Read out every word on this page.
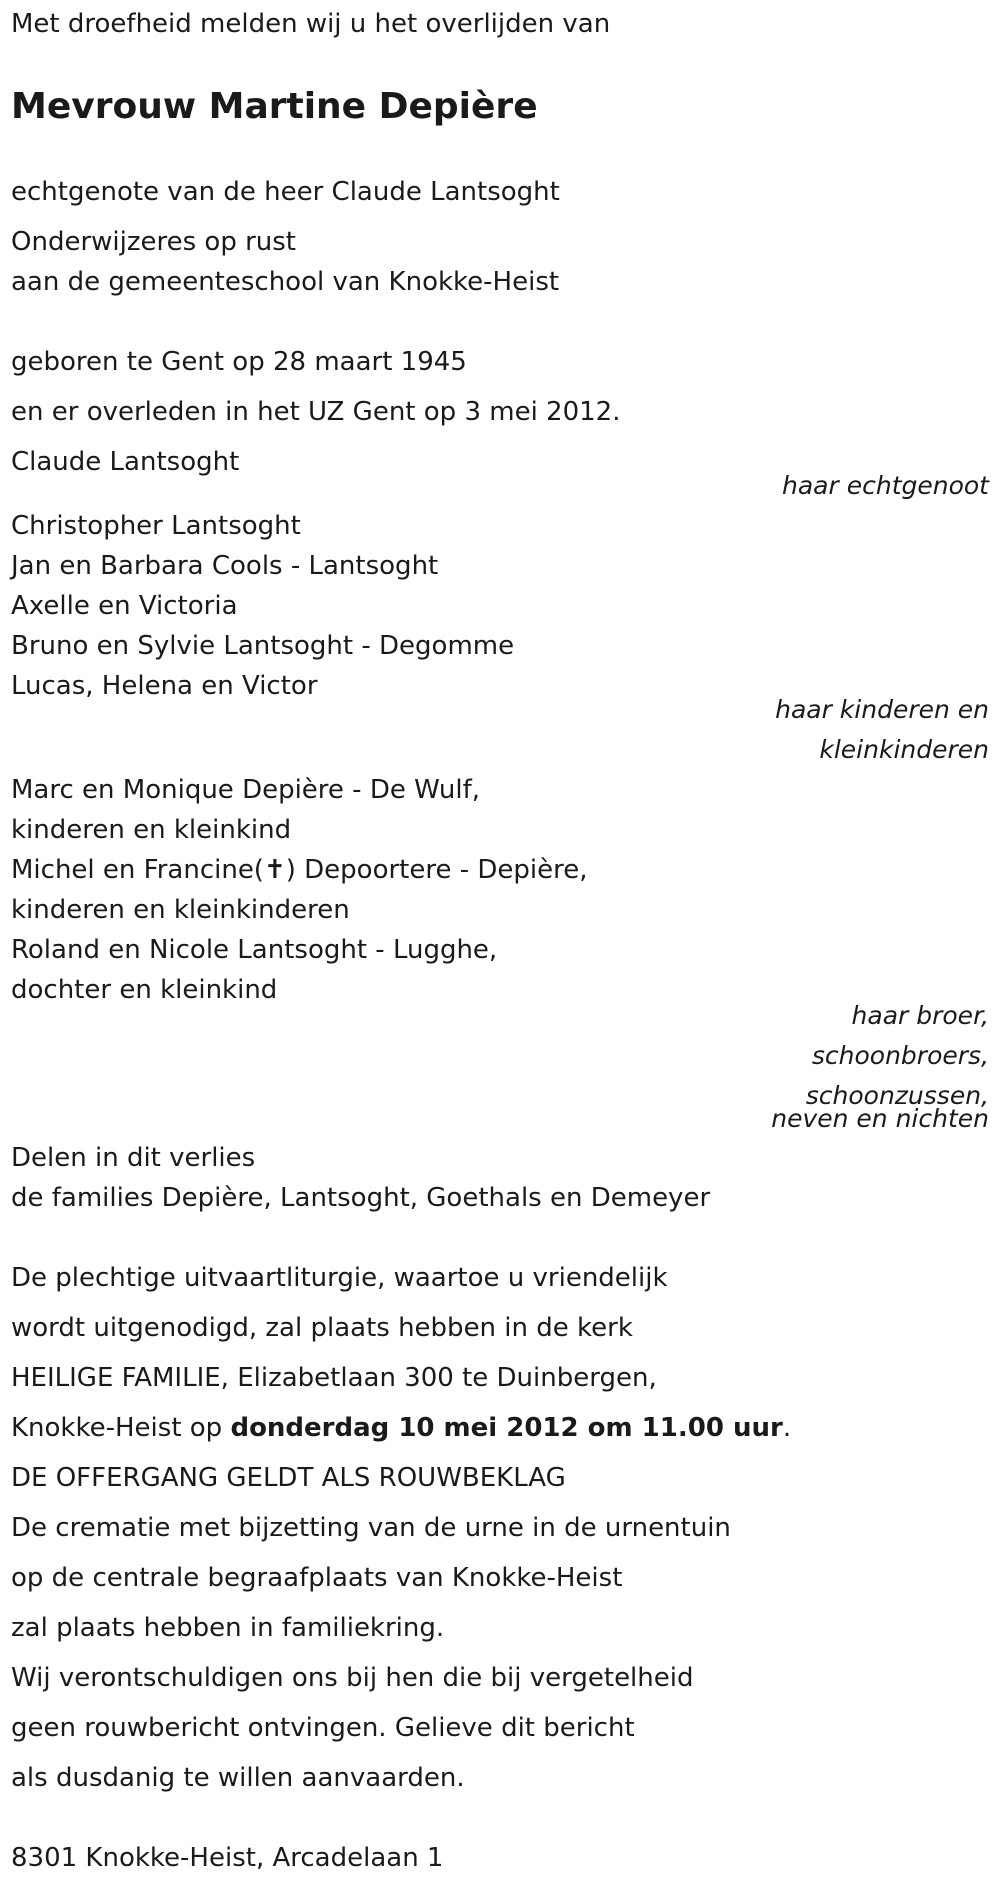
Met droefheid melden wij u het overlijden van
Mevrouw Martine Depière
echtgenote van de heer Claude Lantsoght
Onderwijzeres op rust
aan de gemeenteschool van Knokke-Heist
geboren te Gent op 28 maart 1945
en er overleden in het UZ Gent op 3 mei 2012.
Claude Lantsoght
haar echtgenoot
Christopher Lantsoght
Jan en Barbara Cools - Lantsoght
Axelle en Victoria
Bruno en Sylvie Lantsoght - Degomme
Lucas, Helena en Victor
haar kinderen en
kleinkinderen
Marc en Monique Depière - De Wulf,
kinderen en kleinkind
Michel en Francine(✝) Depoortere - Depière,
kinderen en kleinkinderen
Roland en Nicole Lantsoght - Lugghe,
dochter en kleinkind
haar broer,
schoonbroers,
schoonzussen,
neven en nichten
Delen in dit verlies
de families Depière, Lantsoght, Goethals en Demeyer
De plechtige uitvaartliturgie, waartoe u vriendelijk
wordt uitgenodigd, zal plaats hebben in de kerk
HEILIGE FAMILIE, Elizabetlaan 300 te Duinbergen,
Knokke-Heist op donderdag 10 mei 2012 om 11.00 uur.
DE OFFERGANG GELDT ALS ROUWBEKLAG
De crematie met bijzetting van de urne in de urnentuin
op de centrale begraafplaats van Knokke-Heist
zal plaats hebben in familiekring.
Wij verontschuldigen ons bij hen die bij vergetelheid
geen rouwbericht ontvingen. Gelieve dit bericht
als dusdanig te willen aanvaarden.
8301 Knokke-Heist, Arcadelaan 1
